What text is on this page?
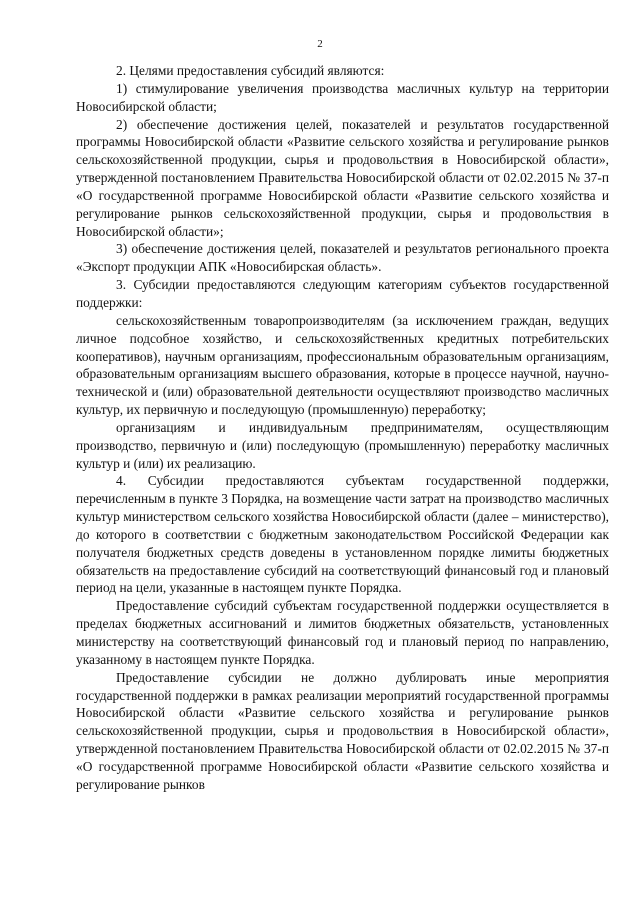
2

2. Целями предоставления субсидий являются:

1) стимулирование увеличения производства масличных культур на территории Новосибирской области;

2) обеспечение достижения целей, показателей и результатов государственной программы Новосибирской области «Развитие сельского хозяйства и регулирование рынков сельскохозяйственной продукции, сырья и продовольствия в Новосибирской области», утвержденной постановлением Правительства Новосибирской области от 02.02.2015 № 37-п «О государственной программе Новосибирской области «Развитие сельского хозяйства и регулирование рынков сельскохозяйственной продукции, сырья и продовольствия в Новосибирской области»;

3) обеспечение достижения целей, показателей и результатов регионального проекта «Экспорт продукции АПК «Новосибирская область».

3. Субсидии предоставляются следующим категориям субъектов государственной поддержки:

сельскохозяйственным товаропроизводителям (за исключением граждан, ведущих личное подсобное хозяйство, и сельскохозяйственных кредитных потребительских кооперативов), научным организациям, профессиональным образовательным организациям, образовательным организациям высшего образования, которые в процессе научной, научно-технической и (или) образовательной деятельности осуществляют производство масличных культур, их первичную и последующую (промышленную) переработку;

организациям и индивидуальным предпринимателям, осуществляющим производство, первичную и (или) последующую (промышленную) переработку масличных культур и (или) их реализацию.

4. Субсидии предоставляются субъектам государственной поддержки, перечисленным в пункте 3 Порядка, на возмещение части затрат на производство масличных культур министерством сельского хозяйства Новосибирской области (далее – министерство), до которого в соответствии с бюджетным законодательством Российской Федерации как получателя бюджетных средств доведены в установленном порядке лимиты бюджетных обязательств на предоставление субсидий на соответствующий финансовый год и плановый период на цели, указанные в настоящем пункте Порядка.

Предоставление субсидий субъектам государственной поддержки осуществляется в пределах бюджетных ассигнований и лимитов бюджетных обязательств, установленных министерству на соответствующий финансовый год и плановый период по направлению, указанному в настоящем пункте Порядка.

Предоставление субсидии не должно дублировать иные мероприятия государственной поддержки в рамках реализации мероприятий государственной программы Новосибирской области «Развитие сельского хозяйства и регулирование рынков сельскохозяйственной продукции, сырья и продовольствия в Новосибирской области», утвержденной постановлением Правительства Новосибирской области от 02.02.2015 № 37-п «О государственной программе Новосибирской области «Развитие сельского хозяйства и регулирование рынков
